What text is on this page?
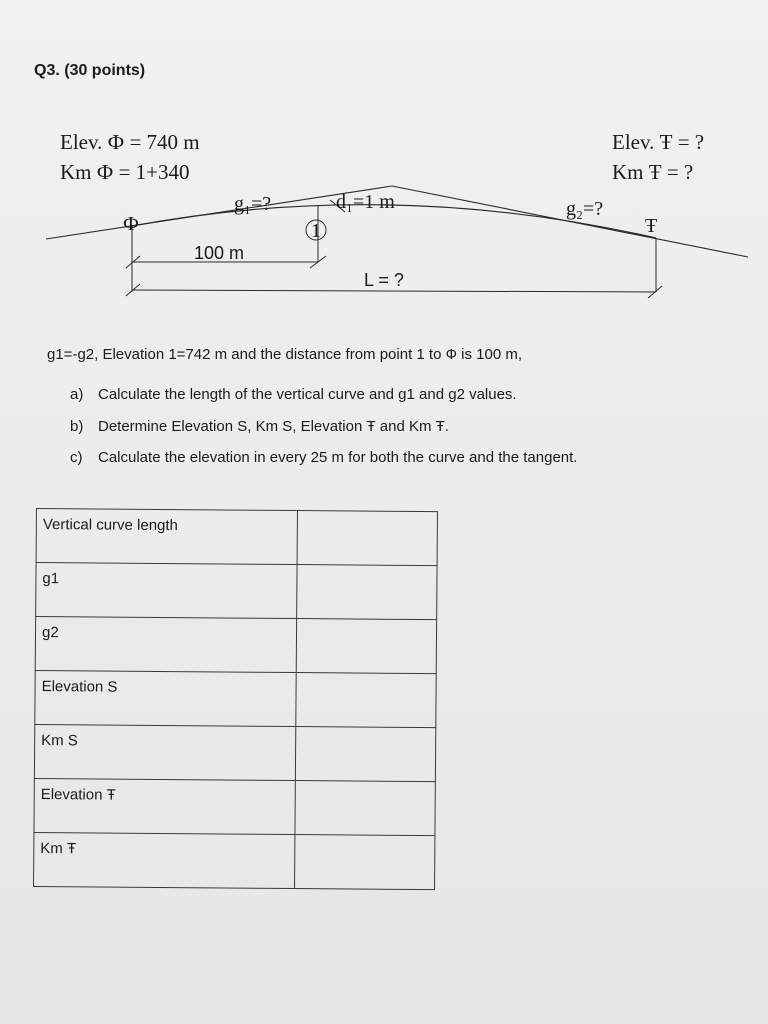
Q3. (30 points)
Elev. Ф = 740 m
Km Ф = 1+340
Elev. Ŧ = ?
Km Ŧ = ?
1
Ф	Ŧ
g₁=?	g₂=?
d₁=1 m
100 m
L = ?
g1=-g2, Elevation 1=742 m and the distance from point 1 to Ф is 100 m,
a) Calculate the length of the vertical curve and g1 and g2 values.
b) Determine Elevation S, Km S, Elevation Ŧ and Km Ŧ.
c) Calculate the elevation in every 25 m for both the curve and the tangent.
Vertical curve length	
g1	
g2	
Elevation S	
Km S	
Elevation Ŧ	
Km Ŧ	
